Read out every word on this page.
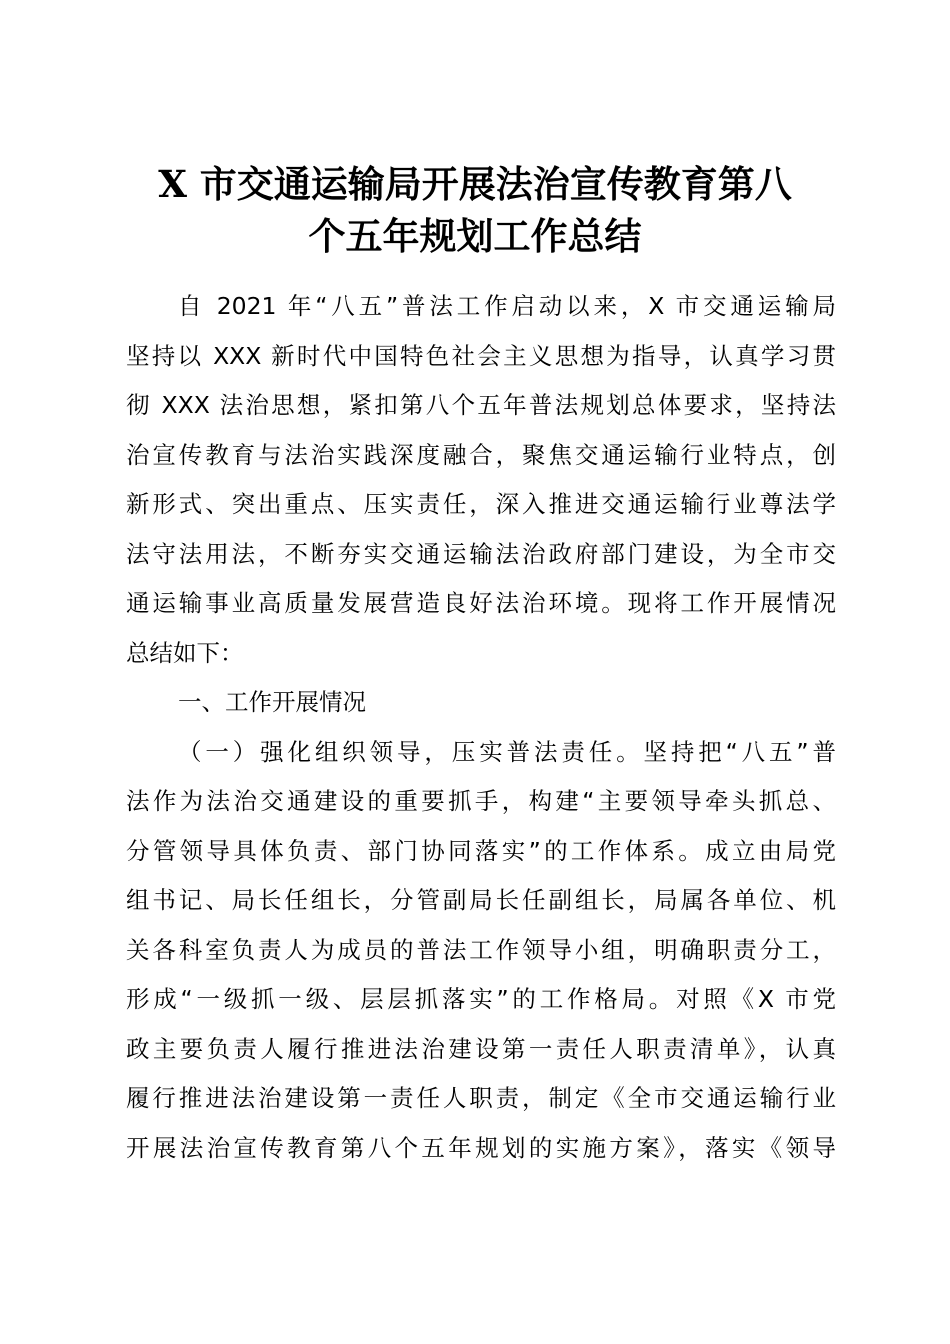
X 市交通运输局开展法治宣传教育第八
个五年规划工作总结
自 2021 年“八五”普法工作启动以来，X 市交通运输局
坚持以 XXX 新时代中国特色社会主义思想为指导，认真学习贯
彻 XXX 法治思想，紧扣第八个五年普法规划总体要求，坚持法
治宣传教育与法治实践深度融合，聚焦交通运输行业特点，创
新形式、突出重点、压实责任，深入推进交通运输行业尊法学
法守法用法，不断夯实交通运输法治政府部门建设，为全市交
通运输事业高质量发展营造良好法治环境。现将工作开展情况
总结如下：
一、工作开展情况
（一）强化组织领导，压实普法责任。坚持把“八五”普
法作为法治交通建设的重要抓手，构建“主要领导牵头抓总、
分管领导具体负责、部门协同落实”的工作体系。成立由局党
组书记、局长任组长，分管副局长任副组长，局属各单位、机
关各科室负责人为成员的普法工作领导小组，明确职责分工，
形成“一级抓一级、层层抓落实”的工作格局。对照《X 市党
政主要负责人履行推进法治建设第一责任人职责清单》，认真
履行推进法治建设第一责任人职责，制定《全市交通运输行业
开展法治宣传教育第八个五年规划的实施方案》，落实《领导
